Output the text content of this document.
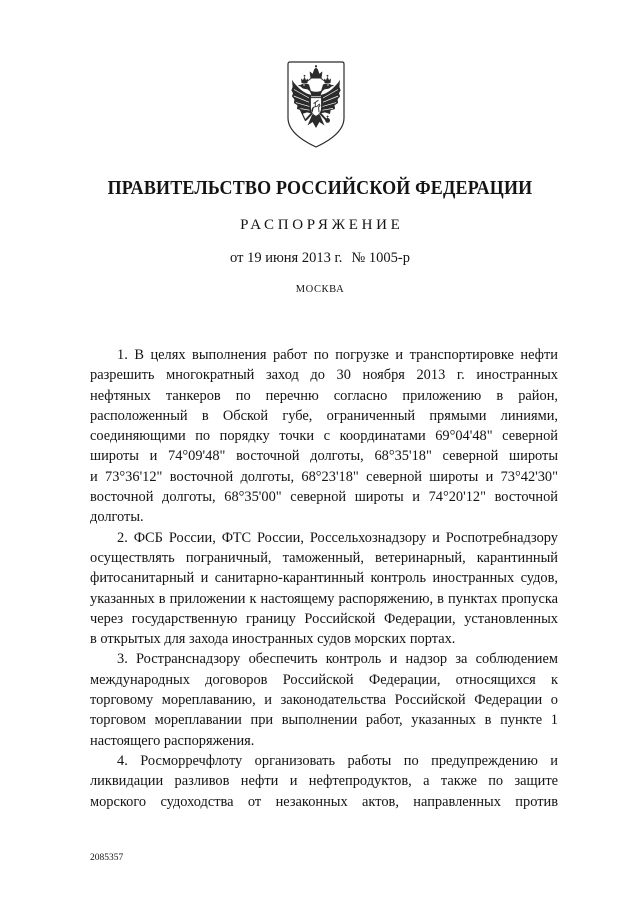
ПРАВИТЕЛЬСТВО РОССИЙСКОЙ ФЕДЕРАЦИИ
РАСПОРЯЖЕНИЕ
от 19 июня 2013 г. № 1005-р
МОСКВА
1. В целях выполнения работ по погрузке и транспортировке нефти
разрешить многократный заход до 30 ноября 2013 г. иностранных
нефтяных танкеров по перечню согласно приложению в район,
расположенный в Обской губе, ограниченный прямыми линиями,
соединяющими по порядку точки с координатами 69°04'48" северной
широты и 74°09'48" восточной долготы, 68°35'18" северной широты
и 73°36'12" восточной долготы, 68°23'18" северной широты и 73°42'30"
восточной долготы, 68°35'00" северной широты и 74°20'12" восточной
долготы.
2. ФСБ России, ФТС России, Россельхознадзору и Роспотребнадзору
осуществлять пограничный, таможенный, ветеринарный, карантинный
фитосанитарный и санитарно-карантинный контроль иностранных судов,
указанных в приложении к настоящему распоряжению, в пунктах пропуска
через государственную границу Российской Федерации, установленных
в открытых для захода иностранных судов морских портах.
3. Ространснадзору обеспечить контроль и надзор за соблюдением
международных договоров Российской Федерации, относящихся к
торговому мореплаванию, и законодательства Российской Федерации о
торговом мореплавании при выполнении работ, указанных в пункте 1
настоящего распоряжения.
4. Росморречфлоту организовать работы по предупреждению и
ликвидации разливов нефти и нефтепродуктов, а также по защите
морского судоходства от незаконных актов, направленных против
2085357
